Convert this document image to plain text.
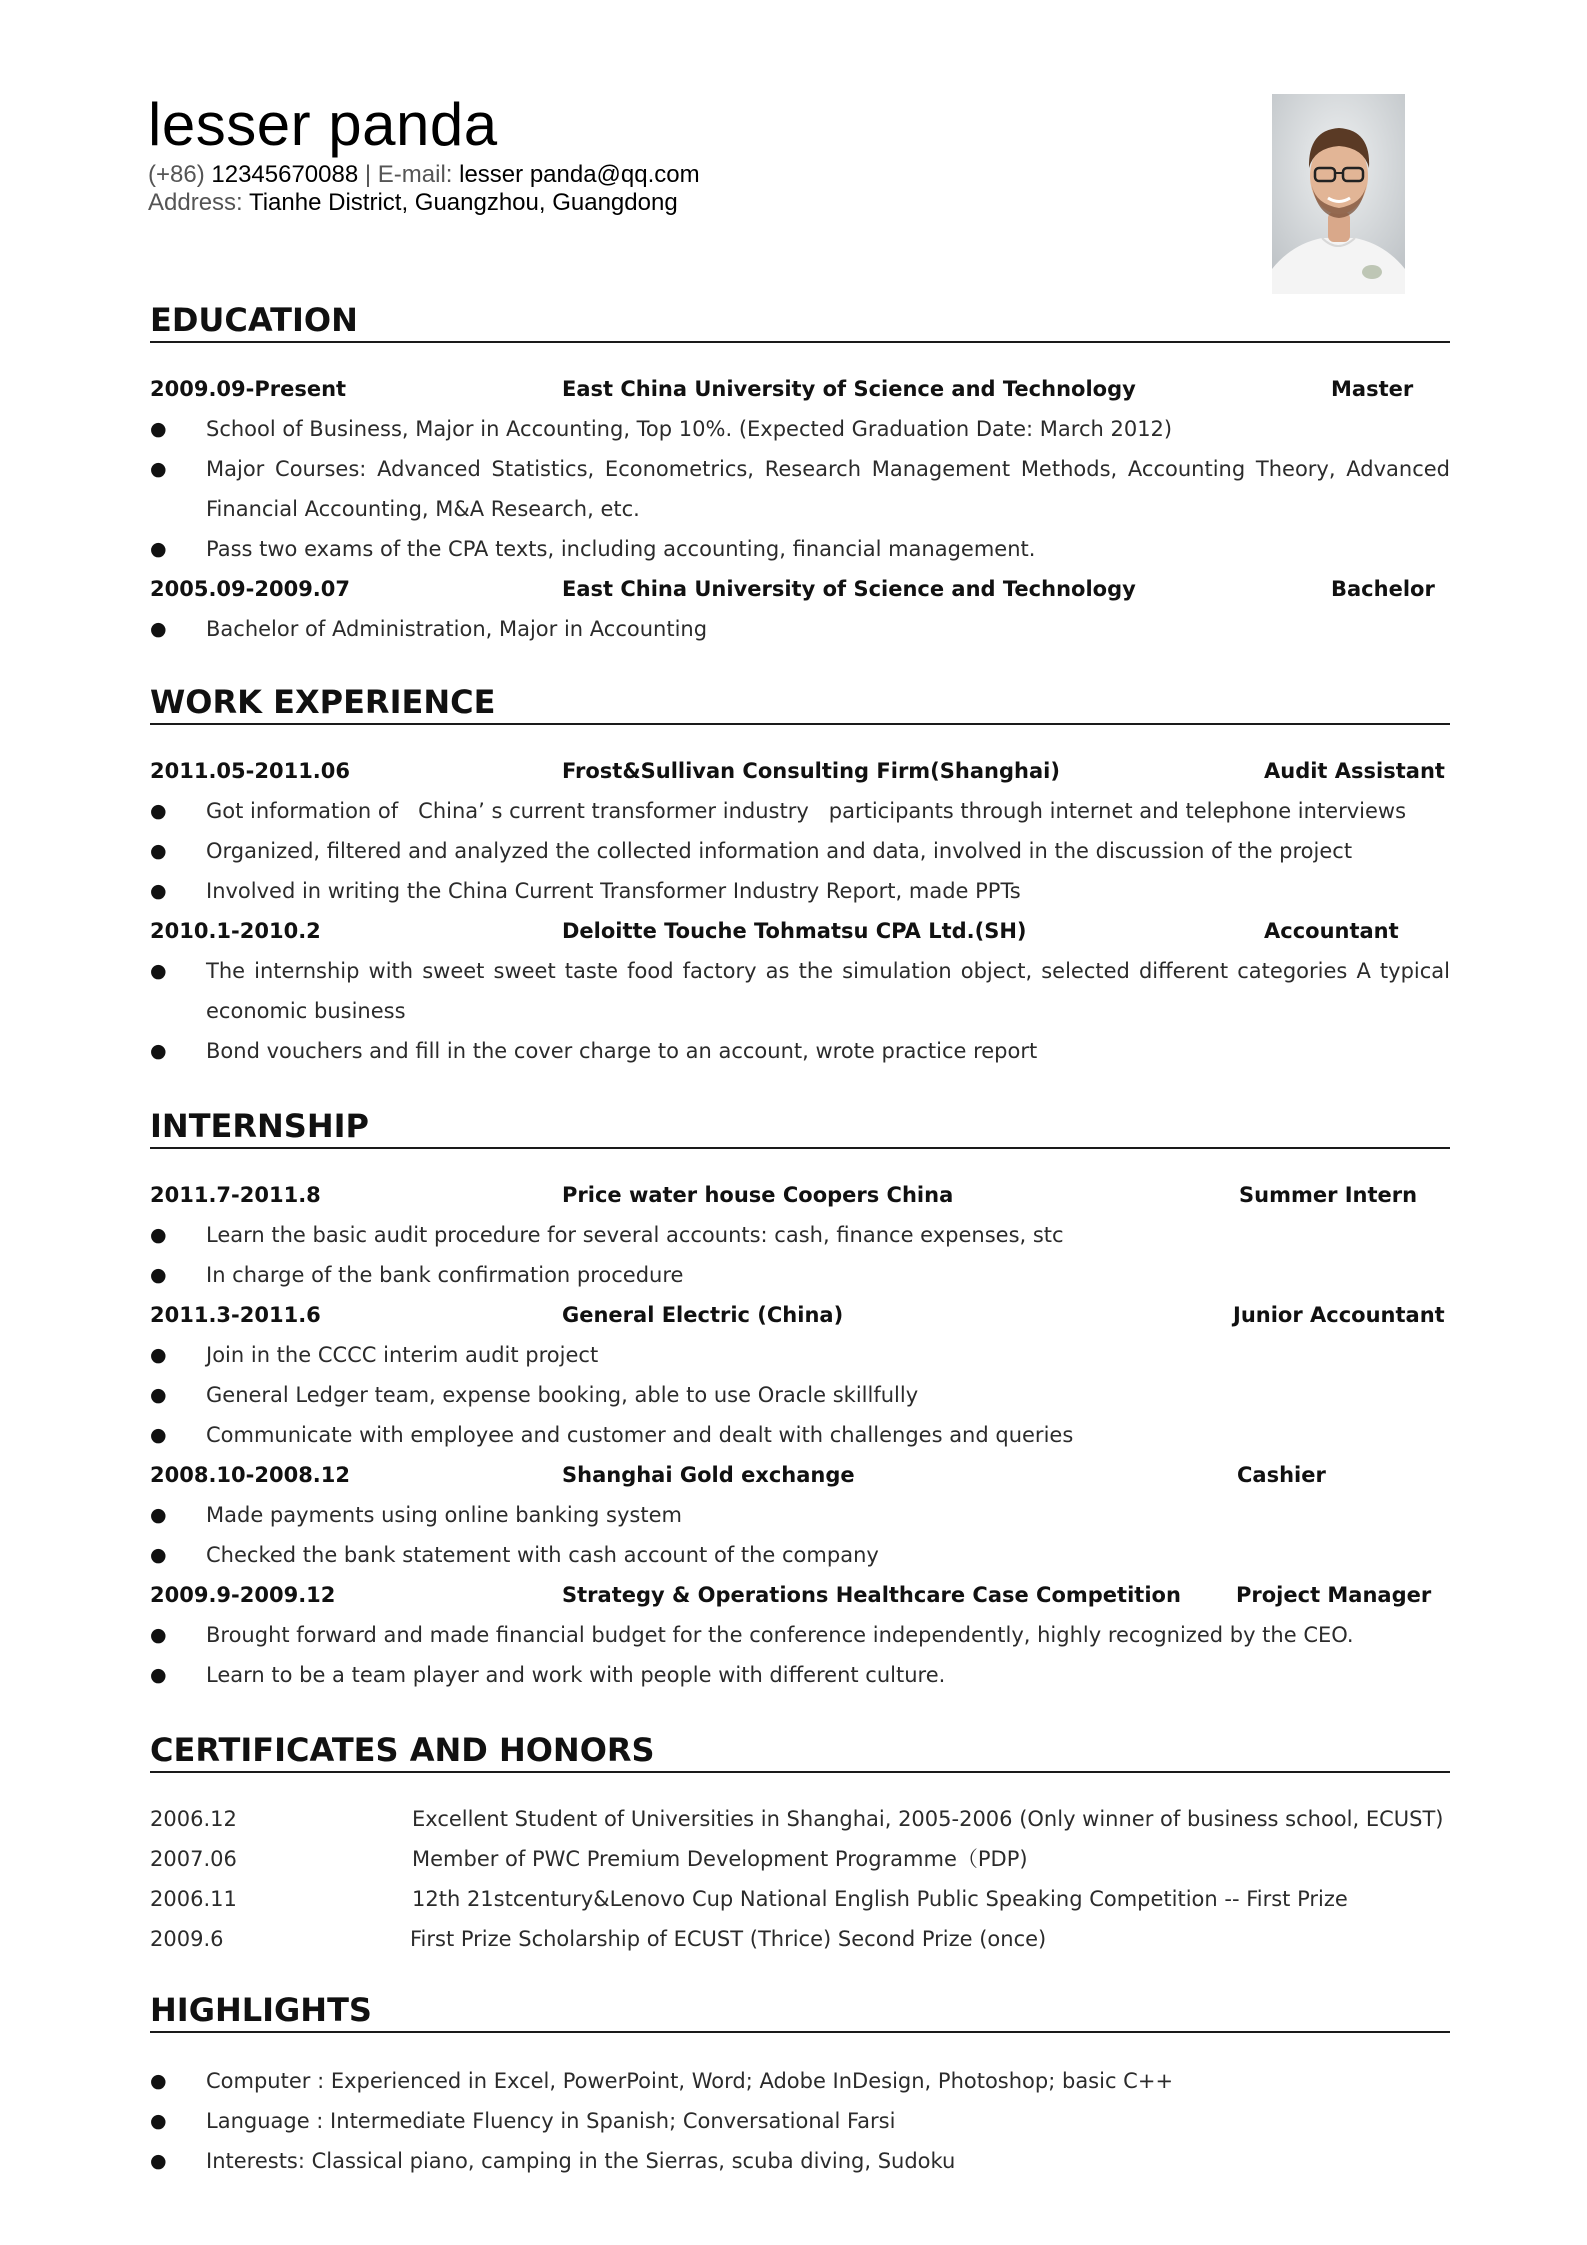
lesser panda
(+86) 12345670088 | E-mail: lesser panda@qq.com
Address: Tianhe District, Guangzhou, Guangdong
EDUCATION
2009.09-Present	East China University of Science and Technology	Master
● School of Business, Major in Accounting, Top 10%. (Expected Graduation Date: March 2012)
● Major Courses: Advanced Statistics, Econometrics, Research Management Methods, Accounting Theory, Advanced Financial Accounting, M&A Research, etc.
● Pass two exams of the CPA texts, including accounting, financial management.
2005.09-2009.07	East China University of Science and Technology	Bachelor
● Bachelor of Administration, Major in Accounting
WORK EXPERIENCE
2011.05-2011.06	Frost&Sullivan Consulting Firm(Shanghai)	Audit Assistant
● Got information of   China’ s current transformer industry   participants through internet and telephone interviews
● Organized, filtered and analyzed the collected information and data, involved in the discussion of the project
● Involved in writing the China Current Transformer Industry Report, made PPTs
2010.1-2010.2	Deloitte Touche Tohmatsu CPA Ltd.(SH)	Accountant
● The internship with sweet sweet taste food factory as the simulation object, selected different categories A typical economic business
● Bond vouchers and fill in the cover charge to an account, wrote practice report
INTERNSHIP
2011.7-2011.8	Price water house Coopers China	Summer Intern
● Learn the basic audit procedure for several accounts: cash, finance expenses, stc
● In charge of the bank confirmation procedure
2011.3-2011.6	General Electric (China)	Junior Accountant
● Join in the CCCC interim audit project
● General Ledger team, expense booking, able to use Oracle skillfully
● Communicate with employee and customer and dealt with challenges and queries
2008.10-2008.12	Shanghai Gold exchange	Cashier
● Made payments using online banking system
● Checked the bank statement with cash account of the company
2009.9-2009.12	Strategy & Operations Healthcare Case Competition	Project Manager
● Brought forward and made financial budget for the conference independently, highly recognized by the CEO.
● Learn to be a team player and work with people with different culture.
CERTIFICATES AND HONORS
2006.12	Excellent Student of Universities in Shanghai, 2005-2006 (Only winner of business school, ECUST)
2007.06	Member of PWC Premium Development Programme（PDP)
2006.11	12th 21stcentury&Lenovo Cup National English Public Speaking Competition -- First Prize
2009.6	First Prize Scholarship of ECUST (Thrice) Second Prize (once)
HIGHLIGHTS
● Computer : Experienced in Excel, PowerPoint, Word; Adobe InDesign, Photoshop; basic C++
● Language : Intermediate Fluency in Spanish; Conversational Farsi
● Interests: Classical piano, camping in the Sierras, scuba diving, Sudoku
